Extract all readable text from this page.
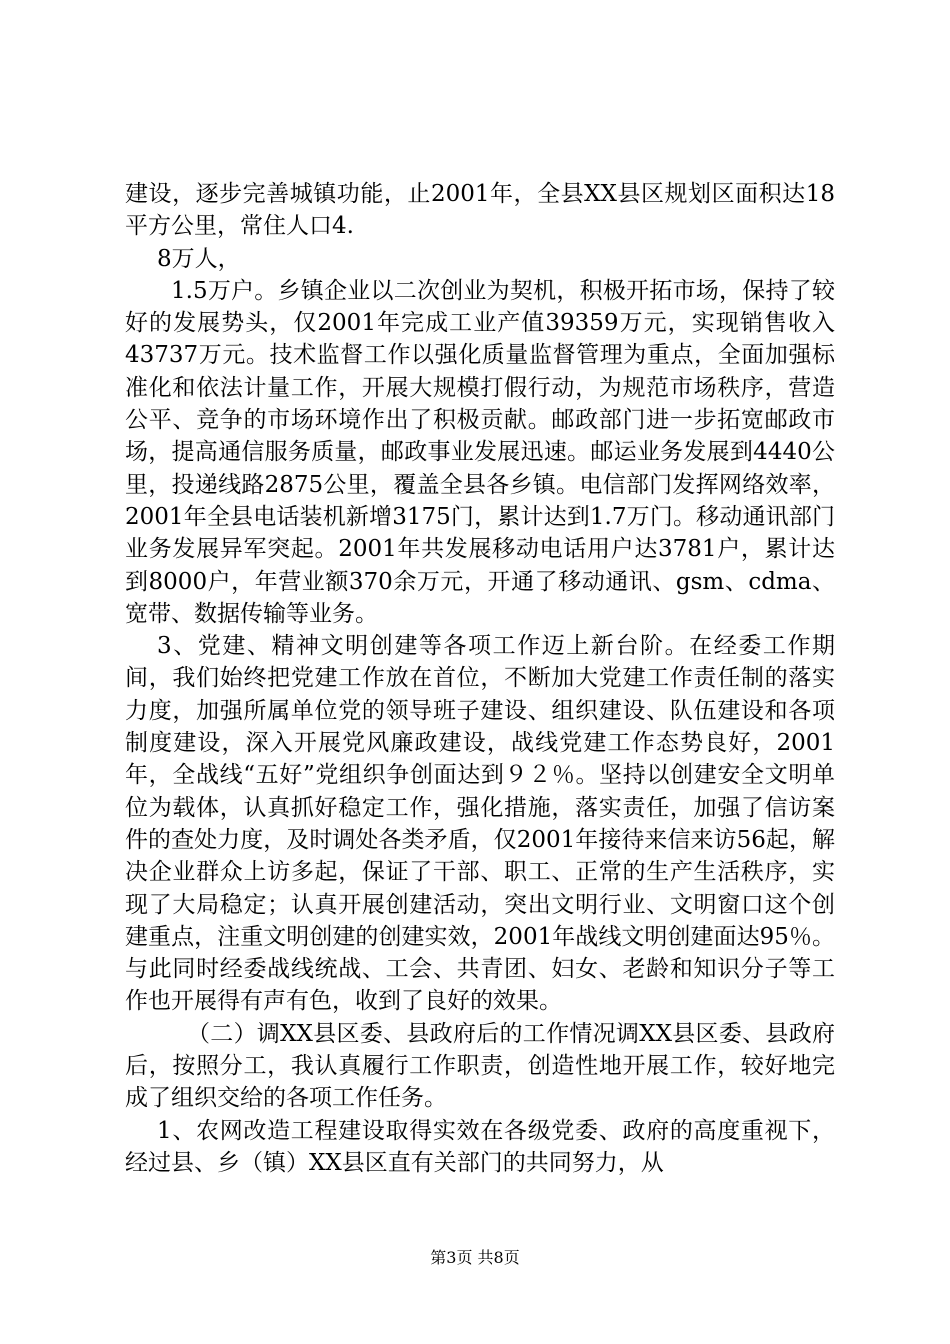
建设，逐步完善城镇功能，止2001年，全县XX县区规划区面积达18平方公里，常住人口4.

8万人，

1.5万户。乡镇企业以二次创业为契机，积极开拓市场，保持了较好的发展势头，仅2001年完成工业产值39359万元，实现销售收入43737万元。技术监督工作以强化质量监督管理为重点，全面加强标准化和依法计量工作，开展大规模打假行动，为规范市场秩序，营造公平、竞争的市场环境作出了积极贡献。邮政部门进一步拓宽邮政市场，提高通信服务质量，邮政事业发展迅速。邮运业务发展到4440公里，投递线路2875公里，覆盖全县各乡镇。电信部门发挥网络效率，2001年全县电话装机新增3175门，累计达到1.7万门。移动通讯部门业务发展异军突起。2001年共发展移动电话用户达3781户，累计达到8000户，年营业额370余万元，开通了移动通讯、gsm、cdma、宽带、数据传输等业务。

3、党建、精神文明创建等各项工作迈上新台阶。在经委工作期间，我们始终把党建工作放在首位，不断加大党建工作责任制的落实力度，加强所属单位党的领导班子建设、组织建设、队伍建设和各项制度建设，深入开展党风廉政建设，战线党建工作态势良好，2001年，全战线“五好”党组织争创面达到９２％。坚持以创建安全文明单位为载体，认真抓好稳定工作，强化措施，落实责任，加强了信访案件的查处力度，及时调处各类矛盾，仅2001年接待来信来访56起，解决企业群众上访多起，保证了干部、职工、正常的生产生活秩序，实现了大局稳定；认真开展创建活动，突出文明行业、文明窗口这个创建重点，注重文明创建的创建实效，2001年战线文明创建面达95％。与此同时经委战线统战、工会、共青团、妇女、老龄和知识分子等工作也开展得有声有色，收到了良好的效果。

（二）调XX县区委、县政府后的工作情况调XX县区委、县政府后，按照分工，我认真履行工作职责，创造性地开展工作，较好地完成了组织交给的各项工作任务。

1、农网改造工程建设取得实效在各级党委、政府的高度重视下，经过县、乡（镇）XX县区直有关部门的共同努力，从

第3页 共8页
